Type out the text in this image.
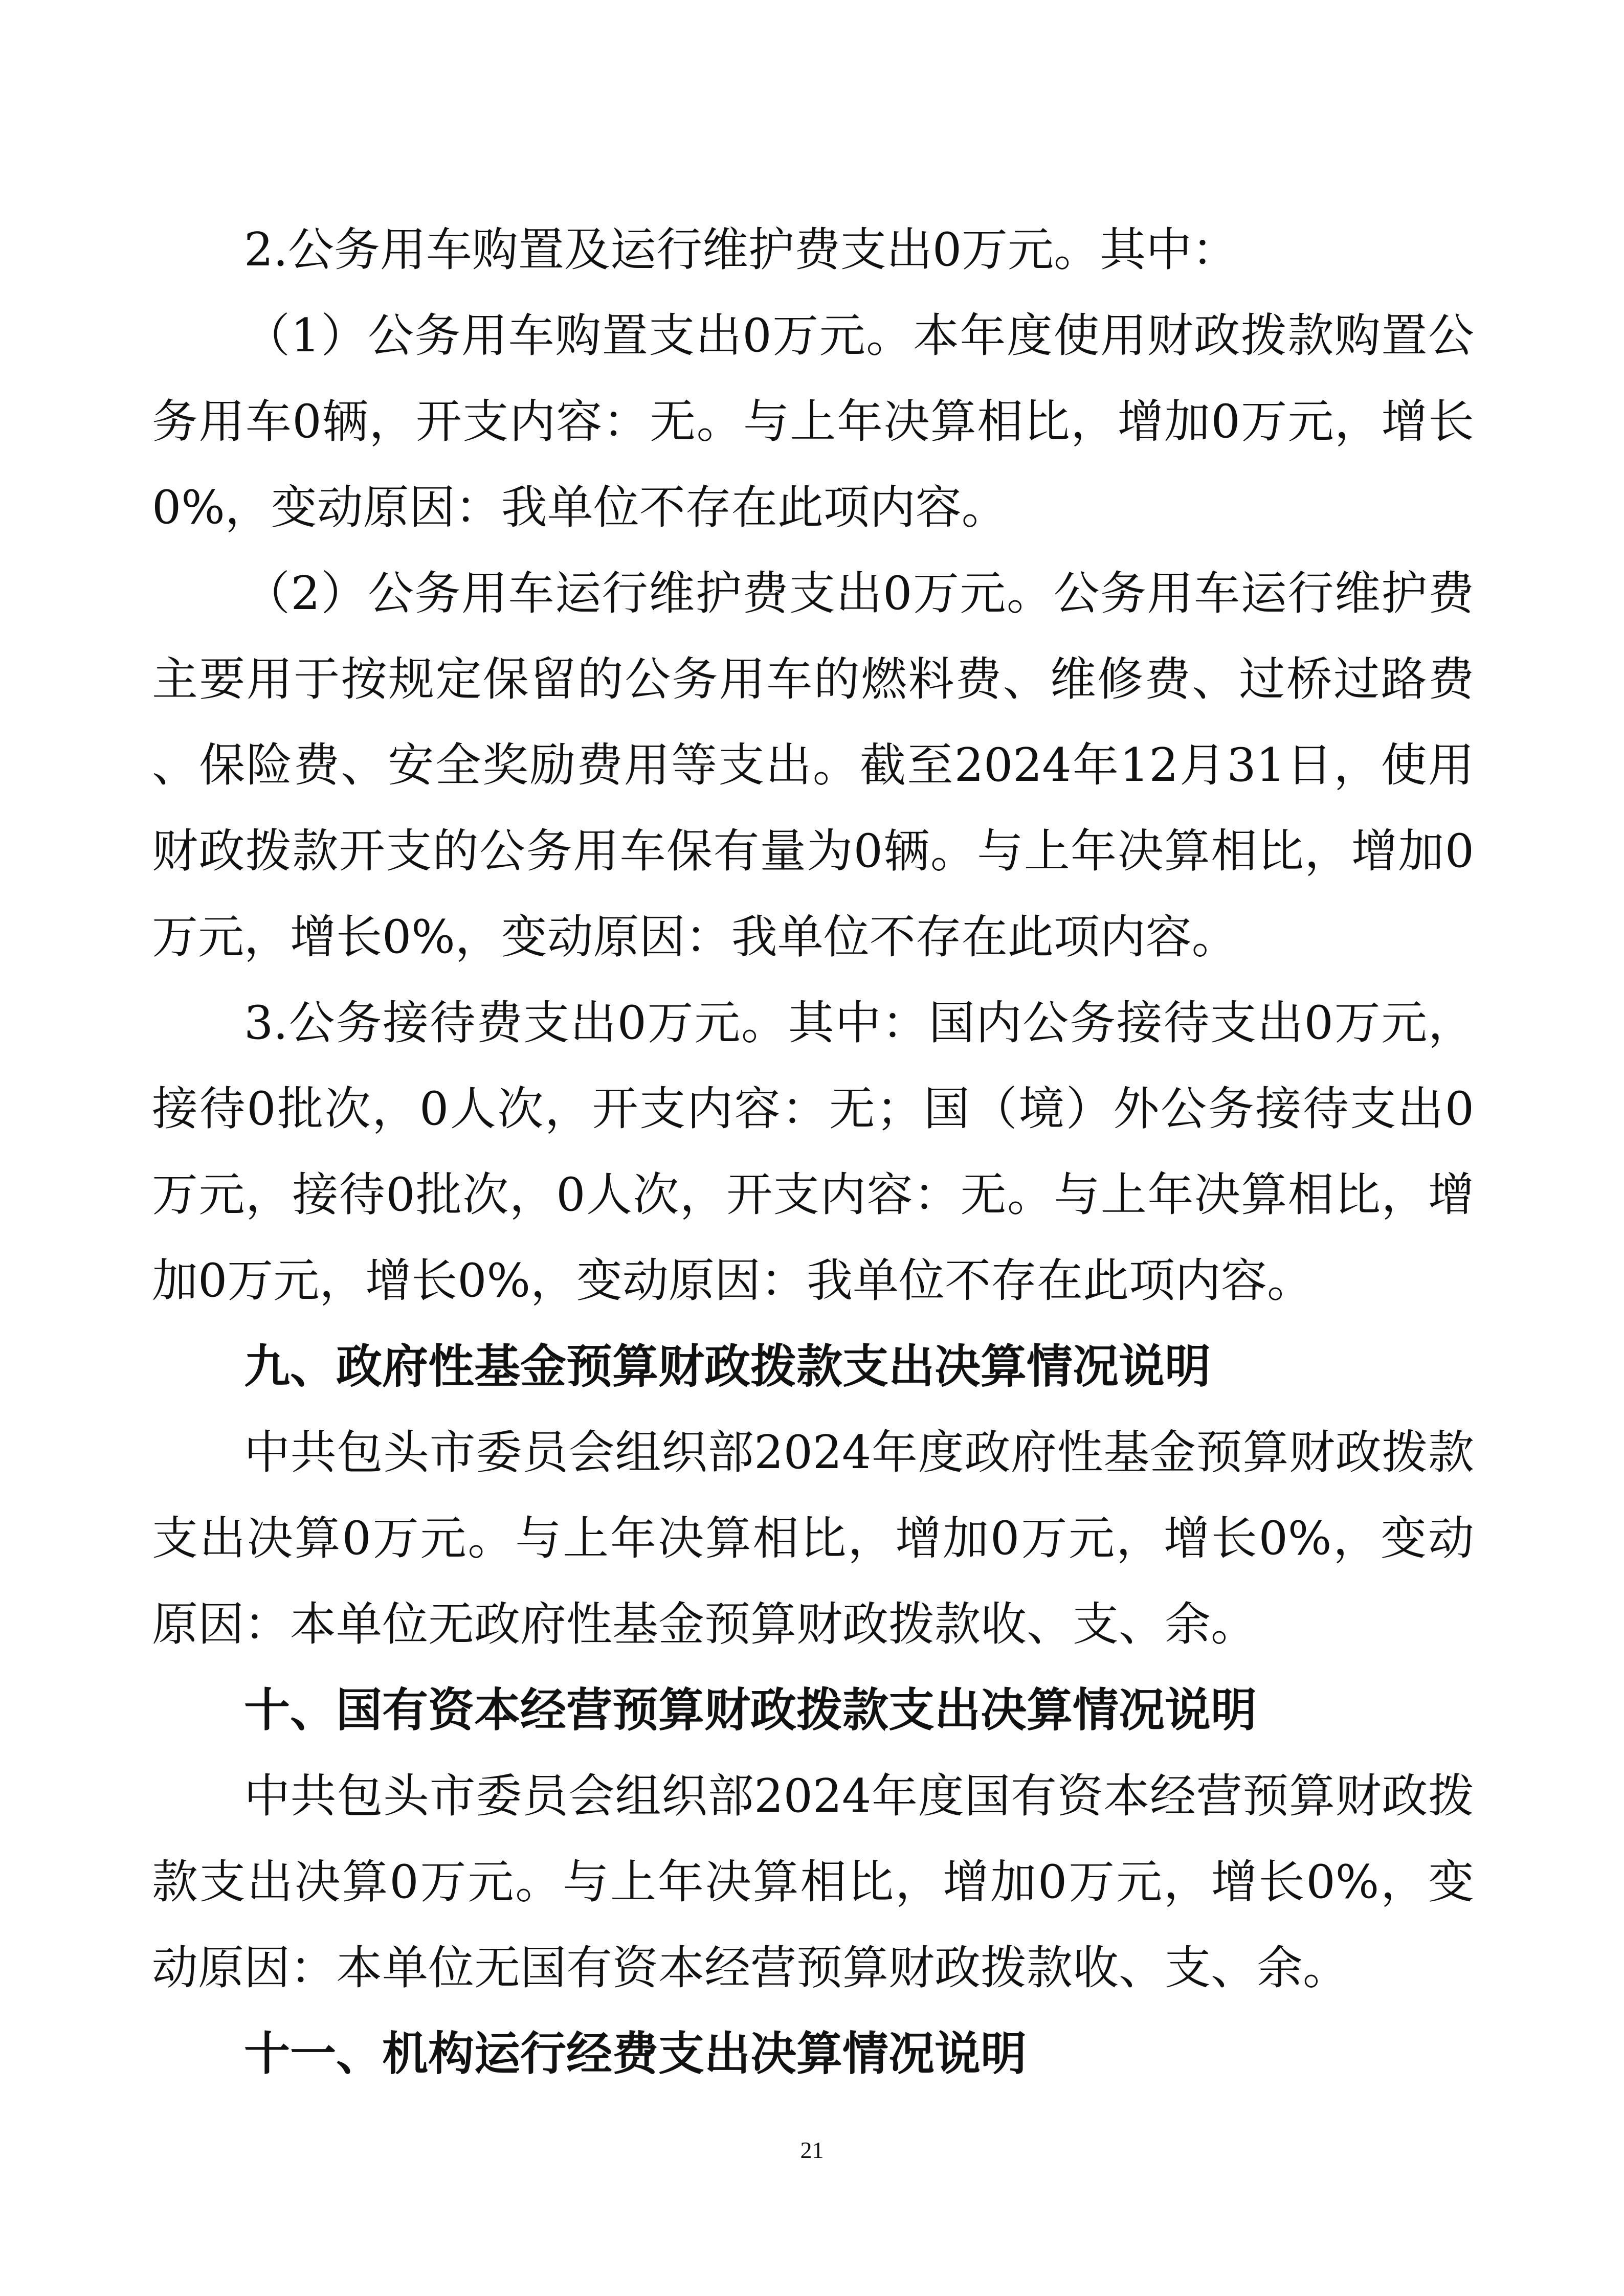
2.公务用车购置及运行维护费支出0万元。其中：

（1）公务用车购置支出0万元。本年度使用财政拨款购置公务用车0辆，开支内容：无。与上年决算相比，增加0万元，增长0%，变动原因：我单位不存在此项内容。

（2）公务用车运行维护费支出0万元。公务用车运行维护费主要用于按规定保留的公务用车的燃料费、维修费、过桥过路费、保险费、安全奖励费用等支出。截至2024年12月31日，使用财政拨款开支的公务用车保有量为0辆。与上年决算相比，增加0万元，增长0%，变动原因：我单位不存在此项内容。

3.公务接待费支出0万元。其中：国内公务接待支出0万元，接待0批次，0人次，开支内容：无；国（境）外公务接待支出0万元，接待0批次，0人次，开支内容：无。与上年决算相比，增加0万元，增长0%，变动原因：我单位不存在此项内容。

九、政府性基金预算财政拨款支出决算情况说明

中共包头市委员会组织部2024年度政府性基金预算财政拨款支出决算0万元。与上年决算相比，增加0万元，增长0%，变动原因：本单位无政府性基金预算财政拨款收、支、余。

十、国有资本经营预算财政拨款支出决算情况说明

中共包头市委员会组织部2024年度国有资本经营预算财政拨款支出决算0万元。与上年决算相比，增加0万元，增长0%，变动原因：本单位无国有资本经营预算财政拨款收、支、余。

十一、机构运行经费支出决算情况说明
21
